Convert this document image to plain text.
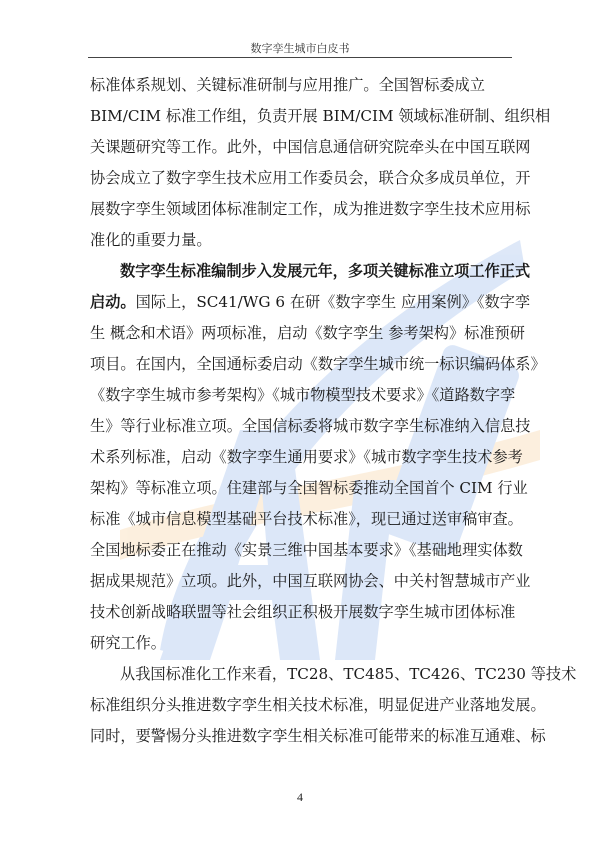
数字孪生城市白皮书
标准体系规划、关键标准研制与应用推广。全国智标委成立
BIM/CIM 标准工作组，负责开展 BIM/CIM 领域标准研制、组织相
关课题研究等工作。此外，中国信息通信研究院牵头在中国互联网
协会成立了数字孪生技术应用工作委员会，联合众多成员单位，开
展数字孪生领域团体标准制定工作，成为推进数字孪生技术应用标
准化的重要力量。
数字孪生标准编制步入发展元年，多项关键标准立项工作正式
启动。国际上，SC41/WG 6 在研《数字孪生 应用案例》《数字孪
生 概念和术语》两项标准，启动《数字孪生 参考架构》标准预研
项目。在国内，全国通标委启动《数字孪生城市统一标识编码体系》
《数字孪生城市参考架构》《城市物模型技术要求》《道路数字孪
生》等行业标准立项。全国信标委将城市数字孪生标准纳入信息技
术系列标准，启动《数字孪生通用要求》《城市数字孪生技术参考
架构》等标准立项。住建部与全国智标委推动全国首个 CIM 行业
标准《城市信息模型基础平台技术标准》，现已通过送审稿审查。
全国地标委正在推动《实景三维中国基本要求》《基础地理实体数
据成果规范》立项。此外，中国互联网协会、中关村智慧城市产业
技术创新战略联盟等社会组织正积极开展数字孪生城市团体标准
研究工作。
从我国标准化工作来看，TC28、TC485、TC426、TC230 等技术
标准组织分头推进数字孪生相关技术标准，明显促进产业落地发展。
同时，要警惕分头推进数字孪生相关标准可能带来的标准互通难、标
4
